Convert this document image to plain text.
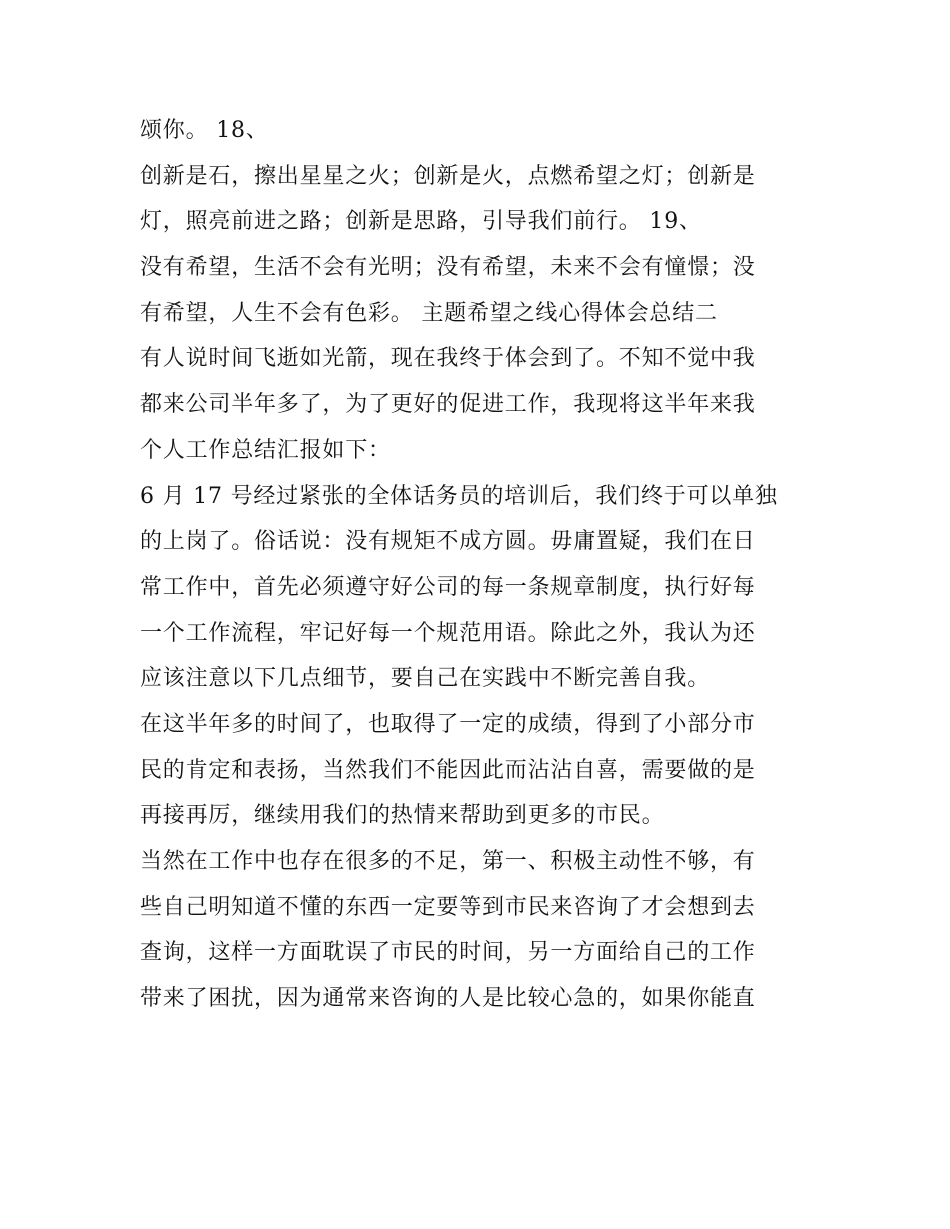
颂你。 18、
创新是石，擦出星星之火；创新是火，点燃希望之灯；创新是
灯，照亮前进之路；创新是思路，引导我们前行。 19、
没有希望，生活不会有光明；没有希望，未来不会有憧憬；没
有希望，人生不会有色彩。 主题希望之线心得体会总结二
有人说时间飞逝如光箭，现在我终于体会到了。不知不觉中我
都来公司半年多了，为了更好的促进工作，我现将这半年来我
个人工作总结汇报如下：
6 月 17 号经过紧张的全体话务员的培训后，我们终于可以单独
的上岗了。俗话说：没有规矩不成方圆。毋庸置疑，我们在日
常工作中，首先必须遵守好公司的每一条规章制度，执行好每
一个工作流程，牢记好每一个规范用语。除此之外，我认为还
应该注意以下几点细节，要自己在实践中不断完善自我。
在这半年多的时间了，也取得了一定的成绩，得到了小部分市
民的肯定和表扬，当然我们不能因此而沾沾自喜，需要做的是
再接再厉，继续用我们的热情来帮助到更多的市民。
当然在工作中也存在很多的不足，第一、积极主动性不够，有
些自己明知道不懂的东西一定要等到市民来咨询了才会想到去
查询，这样一方面耽误了市民的时间，另一方面给自己的工作
带来了困扰，因为通常来咨询的人是比较心急的，如果你能直
